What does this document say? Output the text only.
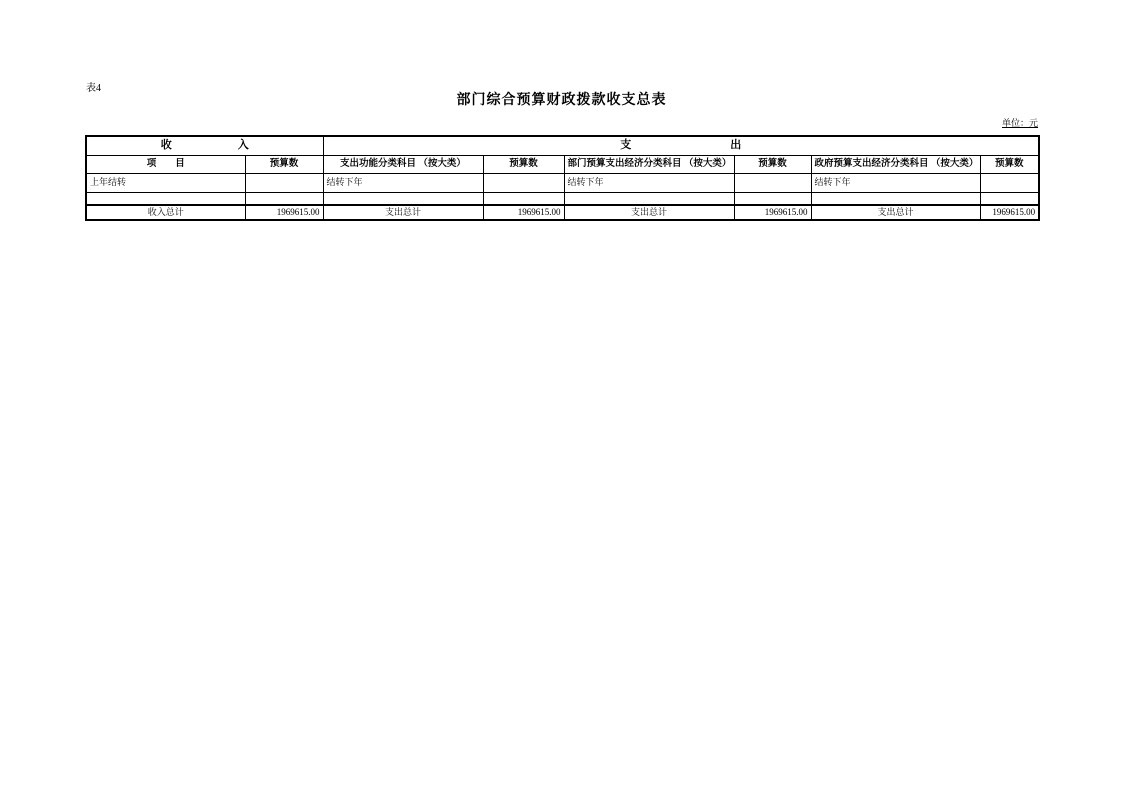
表4
部门综合预算财政拨款收支总表
单位：元
收      入		支         出					
项  目	预算数	支出功能分类科目 （按大类）	预算数	部门预算支出经济分类科目 （按大类）	预算数	政府预算支出经济分类科目 （按大类）	预算数
上年结转		结转下年		结转下年		结转下年	

收入总计	1969615.00	支出总计	1969615.00	支出总计	1969615.00	支出总计	1969615.00
